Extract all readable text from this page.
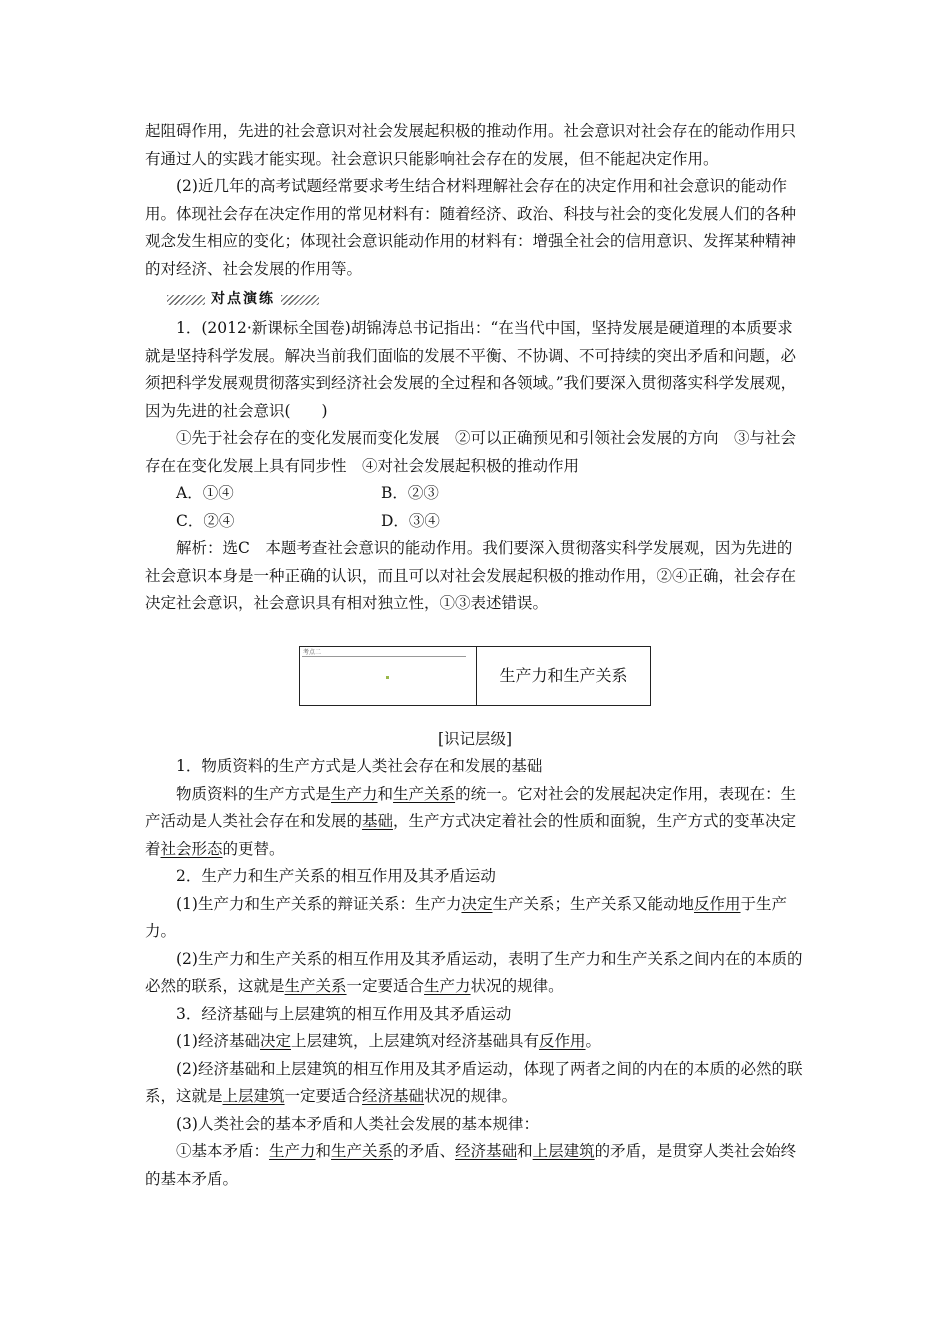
起阻碍作用，先进的社会意识对社会发展起积极的推动作用。社会意识对社会存在的能动作用只有通过人的实践才能实现。社会意识只能影响社会存在的发展，但不能起决定作用。

(2)近几年的高考试题经常要求考生结合材料理解社会存在的决定作用和社会意识的能动作用。体现社会存在决定作用的常见材料有：随着经济、政治、科技与社会的变化发展人们的各种观念发生相应的变化；体现社会意识能动作用的材料有：增强全社会的信用意识、发挥某种精神的对经济、社会发展的作用等。

对点演练

1．(2012·新课标全国卷)胡锦涛总书记指出：“在当代中国，坚持发展是硬道理的本质要求就是坚持科学发展。解决当前我们面临的发展不平衡、不协调、不可持续的突出矛盾和问题，必须把科学发展观贯彻落实到经济社会发展的全过程和各领域。”我们要深入贯彻落实科学发展观，因为先进的社会意识(　　)

①先于社会存在的变化发展而变化发展　②可以正确预见和引领社会发展的方向　③与社会存在在变化发展上具有同步性　④对社会发展起积极的推动作用

A．①④	B．②③
C．②④	D．③④

解析：选C　本题考查社会意识的能动作用。我们要深入贯彻落实科学发展观，因为先进的社会意识本身是一种正确的认识，而且可以对社会发展起积极的推动作用，②④正确，社会存在决定社会意识，社会意识具有相对独立性，①③表述错误。

考点二
生产力和生产关系

[识记层级]

1．物质资料的生产方式是人类社会存在和发展的基础

物质资料的生产方式是生产力和生产关系的统一。它对社会的发展起决定作用，表现在：生产活动是人类社会存在和发展的基础，生产方式决定着社会的性质和面貌，生产方式的变革决定着社会形态的更替。

2．生产力和生产关系的相互作用及其矛盾运动

(1)生产力和生产关系的辩证关系：生产力决定生产关系；生产关系又能动地反作用于生产力。

(2)生产力和生产关系的相互作用及其矛盾运动，表明了生产力和生产关系之间内在的本质的必然的联系，这就是生产关系一定要适合生产力状况的规律。

3．经济基础与上层建筑的相互作用及其矛盾运动

(1)经济基础决定上层建筑，上层建筑对经济基础具有反作用。

(2)经济基础和上层建筑的相互作用及其矛盾运动，体现了两者之间的内在的本质的必然的联系，这就是上层建筑一定要适合经济基础状况的规律。

(3)人类社会的基本矛盾和人类社会发展的基本规律：

①基本矛盾：生产力和生产关系的矛盾、经济基础和上层建筑的矛盾，是贯穿人类社会始终的基本矛盾。
